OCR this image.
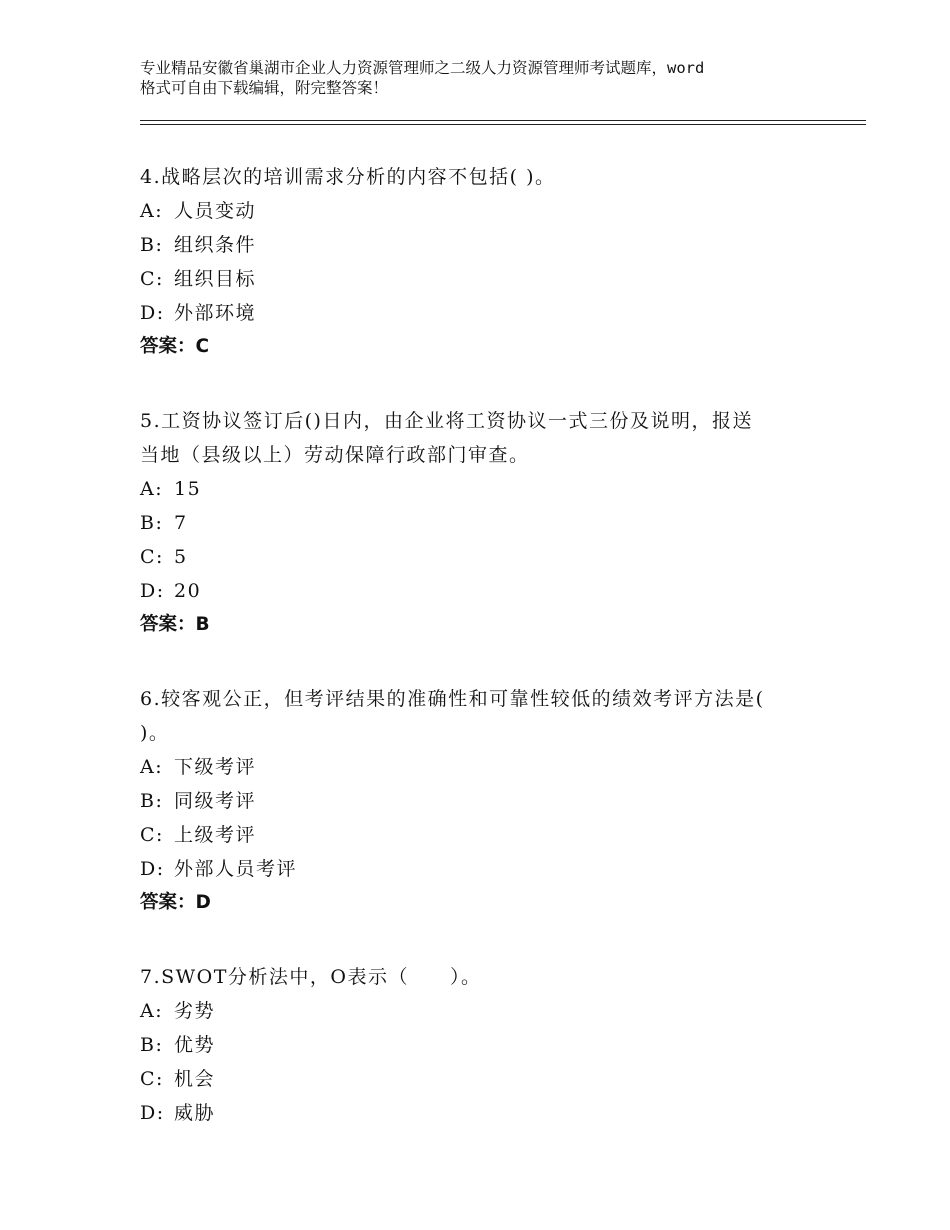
专业精品安徽省巢湖市企业人力资源管理师之二级人力资源管理师考试题库，word
格式可自由下载编辑，附完整答案！
4.战略层次的培训需求分析的内容不包括( )。
A: 人员变动
B: 组织条件
C: 组织目标
D: 外部环境
答案：C
5.工资协议签订后()日内，由企业将工资协议一式三份及说明，报送
当地（县级以上）劳动保障行政部门审查。
A: 15
B: 7
C: 5
D: 20
答案：B
6.较客观公正，但考评结果的准确性和可靠性较低的绩效考评方法是(
)。
A: 下级考评
B: 同级考评
C: 上级考评
D: 外部人员考评
答案：D
7.SWOT分析法中，O表示（　　）。
A: 劣势
B: 优势
C: 机会
D: 威胁
